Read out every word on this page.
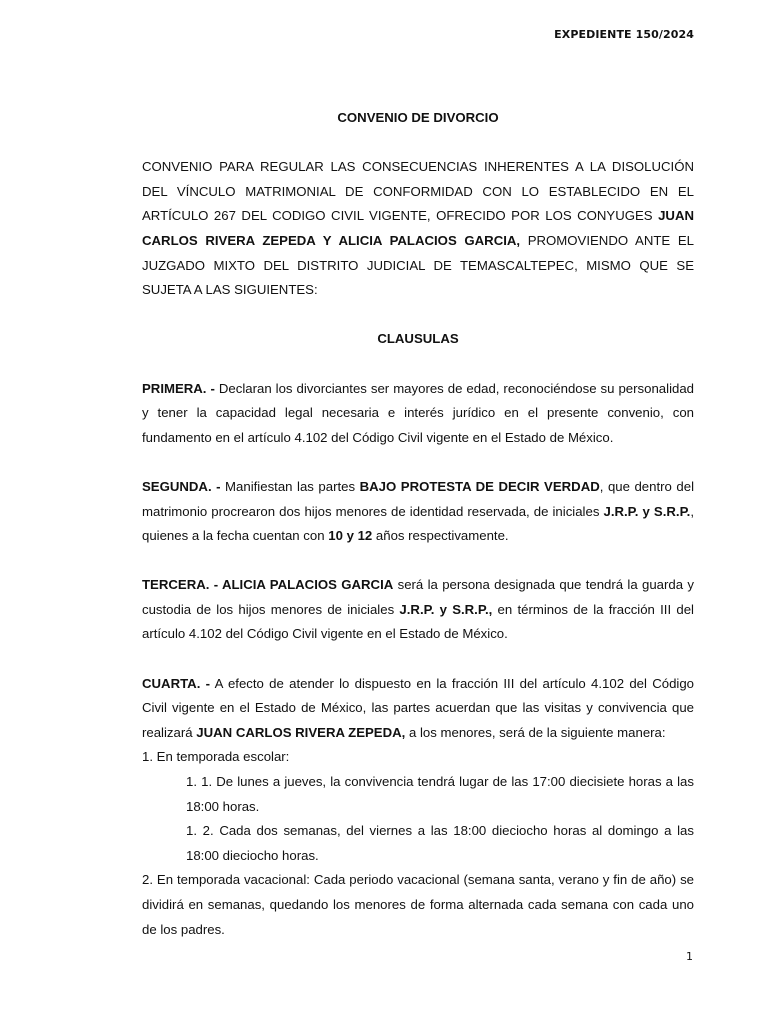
EXPEDIENTE 150/2024

CONVENIO DE DIVORCIO

CONVENIO PARA REGULAR LAS CONSECUENCIAS INHERENTES A LA DISOLUCIÓN DEL VÍNCULO MATRIMONIAL DE CONFORMIDAD CON LO ESTABLECIDO EN EL ARTÍCULO 267 DEL CODIGO CIVIL VIGENTE, OFRECIDO POR LOS CONYUGES JUAN CARLOS RIVERA ZEPEDA Y ALICIA PALACIOS GARCIA, PROMOVIENDO ANTE EL JUZGADO MIXTO DEL DISTRITO JUDICIAL DE TEMASCALTEPEC, MISMO QUE SE SUJETA A LAS SIGUIENTES:

CLAUSULAS

PRIMERA. - Declaran los divorciantes ser mayores de edad, reconociéndose su personalidad y tener la capacidad legal necesaria e interés jurídico en el presente convenio, con fundamento en el artículo 4.102 del Código Civil vigente en el Estado de México.

SEGUNDA. - Manifiestan las partes BAJO PROTESTA DE DECIR VERDAD, que dentro del matrimonio procrearon dos hijos menores de identidad reservada, de iniciales J.R.P. y S.R.P., quienes a la fecha cuentan con 10 y 12 años respectivamente.

TERCERA. - ALICIA PALACIOS GARCIA será la persona designada que tendrá la guarda y custodia de los hijos menores de iniciales J.R.P. y S.R.P., en términos de la fracción III del artículo 4.102 del Código Civil vigente en el Estado de México.

CUARTA. - A efecto de atender lo dispuesto en la fracción III del artículo 4.102 del Código Civil vigente en el Estado de México, las partes acuerdan que las visitas y convivencia que realizará JUAN CARLOS RIVERA ZEPEDA, a los menores, será de la siguiente manera:

1. En temporada escolar:

1. 1. De lunes a jueves, la convivencia tendrá lugar de las 17:00 diecisiete horas a las 18:00 horas.

1. 2. Cada dos semanas, del viernes a las 18:00 dieciocho horas al domingo a las 18:00 dieciocho horas.

2. En temporada vacacional: Cada periodo vacacional (semana santa, verano y fin de año) se dividirá en semanas, quedando los menores de forma alternada cada semana con cada uno de los padres.

1
